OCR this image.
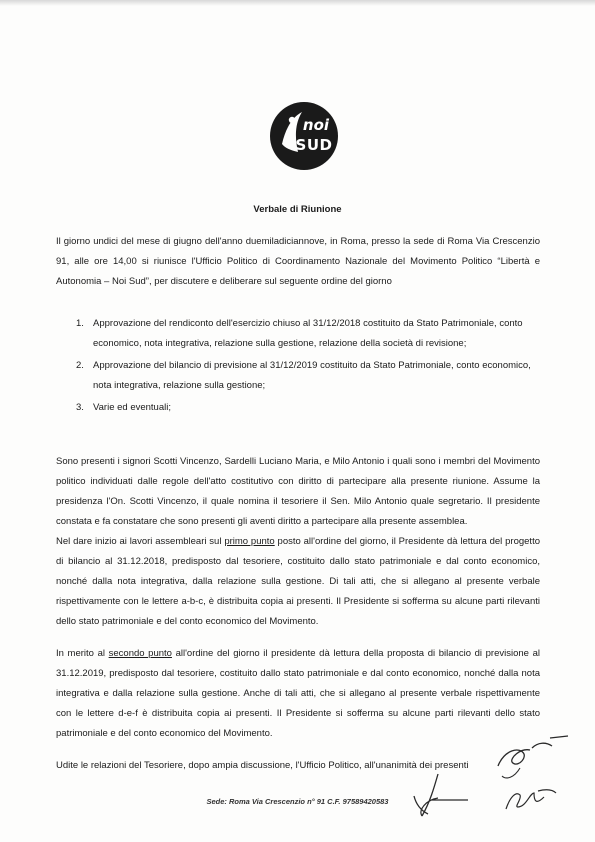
noi
SUD
Verbale di Riunione
Il giorno undici del mese di giugno dell'anno duemiladiciannove, in Roma, presso la sede di Roma Via Crescenzio 91, alle ore 14,00 si riunisce l'Ufficio Politico di Coordinamento Nazionale del Movimento Politico “Libertà e Autonomia – Noi Sud”, per discutere e deliberare sul seguente ordine del giorno
1. Approvazione del rendiconto dell'esercizio chiuso al 31/12/2018 costituito da Stato Patrimoniale, conto economico, nota integrativa, relazione sulla gestione, relazione della società di revisione;
2. Approvazione del bilancio di previsione al 31/12/2019 costituito da Stato Patrimoniale, conto economico, nota integrativa, relazione sulla gestione;
3. Varie ed eventuali;
Sono presenti i signori Scotti Vincenzo, Sardelli Luciano Maria, e Milo Antonio i quali sono i membri del Movimento politico individuati dalle regole dell'atto costitutivo con diritto di partecipare alla presente riunione. Assume la presidenza l'On. Scotti Vincenzo, il quale nomina il tesoriere il Sen. Milo Antonio quale segretario. Il presidente constata e fa constatare che sono presenti gli aventi diritto a partecipare alla presente assemblea.
Nel dare inizio ai lavori assembleari sul primo punto posto all'ordine del giorno, il Presidente dà lettura del progetto di bilancio al 31.12.2018, predisposto dal tesoriere, costituito dallo stato patrimoniale e dal conto economico, nonché dalla nota integrativa, dalla relazione sulla gestione. Di tali atti, che si allegano al presente verbale rispettivamente con le lettere a-b-c, è distribuita copia ai presenti. Il Presidente si sofferma su alcune parti rilevanti dello stato patrimoniale e del conto economico del Movimento.
In merito al secondo punto all'ordine del giorno il presidente dà lettura della proposta di bilancio di previsione al 31.12.2019, predisposto dal tesoriere, costituito dallo stato patrimoniale e dal conto economico, nonché dalla nota integrativa e dalla relazione sulla gestione. Anche di tali atti, che si allegano al presente verbale rispettivamente con le lettere d-e-f è distribuita copia ai presenti. Il Presidente si sofferma su alcune parti rilevanti dello stato patrimoniale e del conto economico del Movimento.
Udite le relazioni del Tesoriere, dopo ampia discussione, l'Ufficio Politico, all'unanimità dei presenti
Sede: Roma Via Crescenzio n° 91 C.F. 97589420583
